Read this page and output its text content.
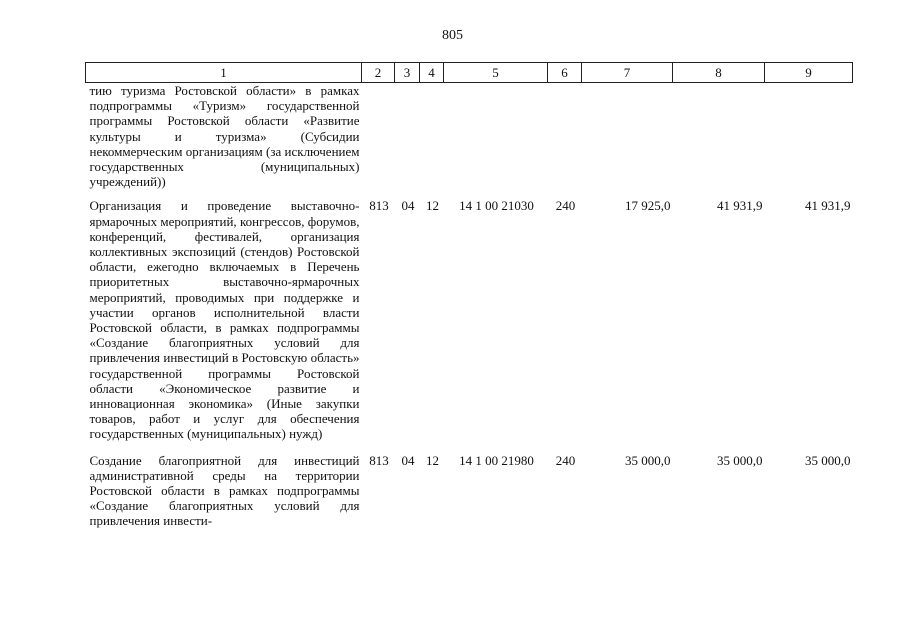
805
1	2	3	4	5	6	7	8	9
тию туризма Ростовской области» в рамках подпрограммы «Туризм» государственной программы Ростовской области «Развитие культуры и туризма» (Субсидии некоммерческим организациям (за исключением государственных (муниципальных) учреждений))								

Организация и проведение выставочно-ярмарочных мероприятий, конгрессов, форумов, конференций, фестивалей, организация коллективных экспозиций (стендов) Ростовской области, ежегодно включаемых в Перечень приоритетных выставочно-ярмарочных мероприятий, проводимых при поддержке и участии органов исполнительной власти Ростовской области, в рамках подпрограммы «Создание благоприятных условий для привлечения инвестиций в Ростовскую область» государственной программы Ростовской области «Экономическое развитие и инновационная экономика» (Иные закупки товаров, работ и услуг для обеспечения государственных (муниципальных) нужд)	813	04	12	14 1 00 21030	240	17 925,0	41 931,9	41 931,9

Создание благоприятной для инвестиций административной среды на территории Ростовской области в рамках подпрограммы «Создание благоприятных условий для привлечения инвести-	813	04	12	14 1 00 21980	240	35 000,0	35 000,0	35 000,0
